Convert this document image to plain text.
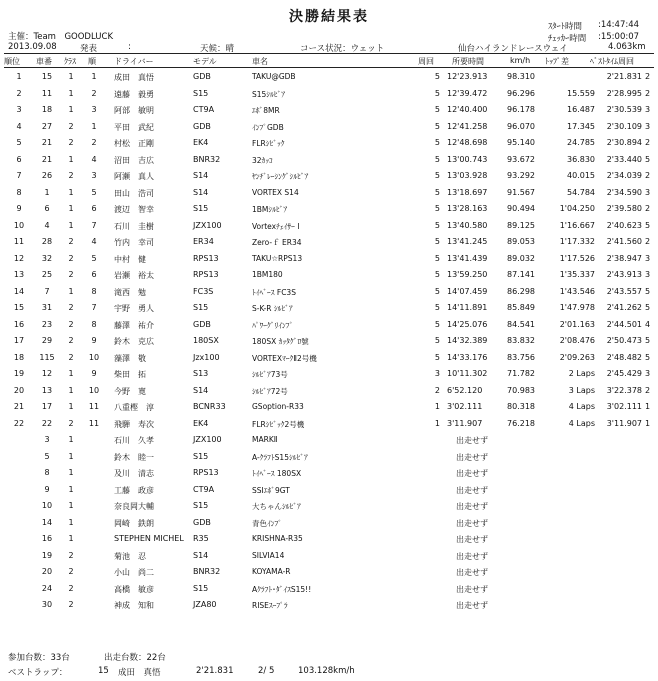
決勝結果表
ｽﾀｰﾄ時間 :14:47:44
ﾁｪｯｶｰ時間 :15:00:07
主催：Team　GOODLUCK
2013.09.08	発表	:	天候：晴	コース状況：ウェット	仙台ハイランドレースウェイ	4.063km
順位 車番 ｸﾗｽ 順 ドライバー	モデル	車名	周回 所要時間	km/h ﾄｯﾌﾟ差	ﾍﾞｽﾄﾀｲﾑ周回
1	15	1	1	成田　真悟	GDB	TAKU@GDB	5 12'23.913 98.310	2'21.831 2
2	11	1	2	遠藤　毅勇	S15	S15ｼﾙﾋﾞｱ	5 12'39.472 96.296	15.559	2'28.995 2
3	18	1	3	阿部　敏明	CT9A	ｴﾎﾞ8MR	5 12'40.400 96.178	16.487	2'30.539 3
4	27	2	1	平田　武紀	GDB	ｲﾝﾌﾟGDB	5 12'41.258 96.070	17.345	2'30.109 3
5	21	2	2	村松　正剛	EK4	FLRｼﾋﾞｯｸ	5 12'48.698 95.140	24.785	2'30.894 2
6	21	1	4	沼田　吉広	BNR32	32ｶｯｺ	5 13'00.743 93.672	36.830	2'33.440 5
7	26	2	3	阿瀬　真人	S14	ﾔﾝﾁﾞﾚｰｼﾝｸﾞｼﾙﾋﾞｱ	5 13'03.928 93.292	40.015	2'34.039 2
8	1	1	5	田山　浩司	S14	VORTEX S14	5 13'18.697 91.567	54.784	2'34.590 3
9	6	1	6	渡辺　智幸	S15	1BMｼﾙﾋﾞｱ	5 13'28.163 90.494	1'04.250	2'39.580 2
10	4	1	7	石川　圭樹	JZX100	Vortexﾁｪｲｻｰ I	5 13'40.580 89.125	1'16.667	2'40.623 5
11	28	2	4	竹内　幸司	ER34	Zero-ｆ ER34	5 13'41.245 89.053	1'17.332	2'41.560 2
12	32	2	5	中村　健	RPS13	TAKU☆RPS13	5 13'41.439 89.032	1'17.526	2'38.947 3
13	25	2	6	岩瀬　裕太	RPS13	1BM180	5 13'59.250 87.141	1'35.337	2'43.913 3
14	7	1	8	滝西　勉	FC3S	ﾄｲﾍﾞｰｽ FC3S	5 14'07.459 86.298	1'43.546	2'43.557 5
15	31	2	7	宇野　勇人	S15	S-K-R ｼﾙﾋﾞｱ	5 14'11.891 85.849	1'47.978	2'41.262 5
16	23	2	8	藤澤　祐介	GDB	ﾊﾟﾜｰｸﾞﾘｲﾝﾌﾟ	5 14'25.076 84.541	2'01.163	2'44.501 4
17	29	2	9	鈴木　克広	180SX	180SX ｶｯﾀｸﾞﾛ號	5 14'32.389 83.832	2'08.476	2'50.473 5
18	115	2	10 藻澤　敬	Jzx100	VORTEXﾏｰｸⅡ2号機	5 14'33.176 83.756	2'09.263	2'48.482 5
19	12	1	9	柴田　拓	S13	ｼﾙﾋﾞｱ73号	3 10'11.302 71.782	2 Laps	2'45.429 3
20	13	1	10 今野　寛	S14	ｼﾙﾋﾞｱ72号	2 6'52.120	70.983	3 Laps	3'22.378 2
21	17	1	11 八重樫　淳	BCNR33	GSoption-R33	1 3'02.111	80.318	4 Laps	3'02.111 1
22	22	2	11 飛騨　寿次	EK4	FLRｼﾋﾞｯｸ2号機	1 3'11.907	76.218	4 Laps	3'11.907 1
3	1	石川　久孝	JZX100	MARKⅡ	出走せず
5	1	鈴木　睦一	S15	A-ｸﾗﾌﾄS15ｼﾙﾋﾞｱ	出走せず
8	1	及川　清志	RPS13	ﾄｲﾍﾞｰｽ 180SX	出走せず
9	1	工藤　政彦	CT9A	SSIｴﾎﾞ9GT	出走せず
10	1	奈良岡大輔	S15	大ちゃんｼﾙﾋﾞｱ	出走せず
14	1	岡崎　鉄朗	GDB	青色ｲﾝﾌﾟ	出走せず
16	1	STEPHEN MICHEL R35	KRISHNA-R35	出走せず
19	2	菊池　忍	S14	SILVIA14	出走せず
20	2	小山　尚二	BNR32	KOYAMA-R	出走せず
24	2	高橋　敏彦	S15	Aｸﾗﾌﾄ･ﾀﾞｲｽS15!!	出走せず
30	2	神成　知和	JZA80	RISEｽｰﾌﾟﾗ	出走せず
参加台数：33台	出走台数：22台
ベストラップ：	15 成田　真悟	2'21.831	2/ 5	103.128km/h
